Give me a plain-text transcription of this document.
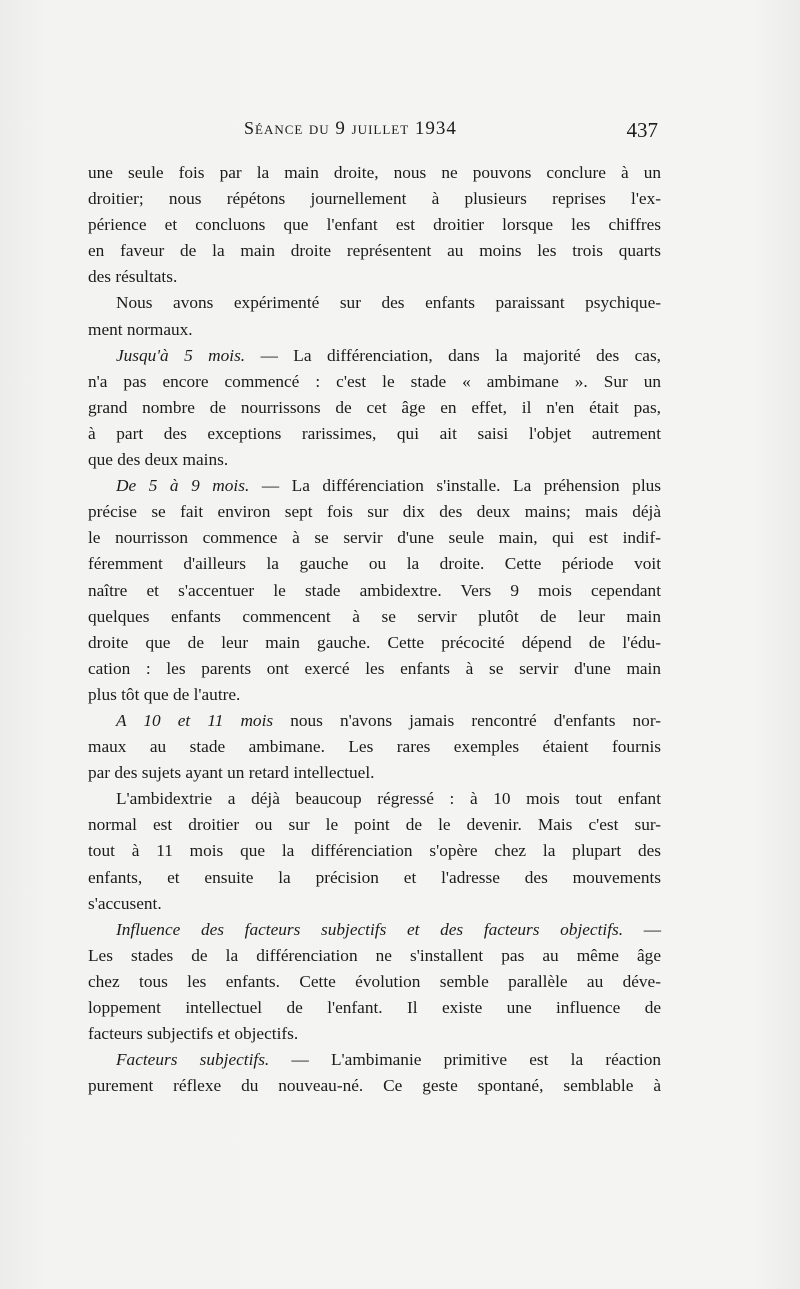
Séance du 9 juillet 1934	437

une seule fois par la main droite, nous ne pouvons conclure à un
droitier; nous répétons journellement à plusieurs reprises l'ex-
périence et concluons que l'enfant est droitier lorsque les chiffres
en faveur de la main droite représentent au moins les trois quarts
des résultats.

Nous avons expérimenté sur des enfants paraissant psychique-
ment normaux.

Jusqu'à 5 mois. — La différenciation, dans la majorité des cas,
n'a pas encore commencé : c'est le stade « ambimane ». Sur un
grand nombre de nourrissons de cet âge en effet, il n'en était pas,
à part des exceptions rarissimes, qui ait saisi l'objet autrement
que des deux mains.

De 5 à 9 mois. — La différenciation s'installe. La préhension plus
précise se fait environ sept fois sur dix des deux mains; mais déjà
le nourrisson commence à se servir d'une seule main, qui est indif-
féremment d'ailleurs la gauche ou la droite. Cette période voit
naître et s'accentuer le stade ambidextre. Vers 9 mois cependant
quelques enfants commencent à se servir plutôt de leur main
droite que de leur main gauche. Cette précocité dépend de l'édu-
cation : les parents ont exercé les enfants à se servir d'une main
plus tôt que de l'autre.

A 10 et 11 mois nous n'avons jamais rencontré d'enfants nor-
maux au stade ambimane. Les rares exemples étaient fournis
par des sujets ayant un retard intellectuel.

L'ambidextrie a déjà beaucoup régressé : à 10 mois tout enfant
normal est droitier ou sur le point de le devenir. Mais c'est sur-
tout à 11 mois que la différenciation s'opère chez la plupart des
enfants, et ensuite la précision et l'adresse des mouvements
s'accusent.

Influence des facteurs subjectifs et des facteurs objectifs. —
Les stades de la différenciation ne s'installent pas au même âge
chez tous les enfants. Cette évolution semble parallèle au déve-
loppement intellectuel de l'enfant. Il existe une influence de
facteurs subjectifs et objectifs.

Facteurs subjectifs. — L'ambimanie primitive est la réaction
purement réflexe du nouveau-né. Ce geste spontané, semblable à
